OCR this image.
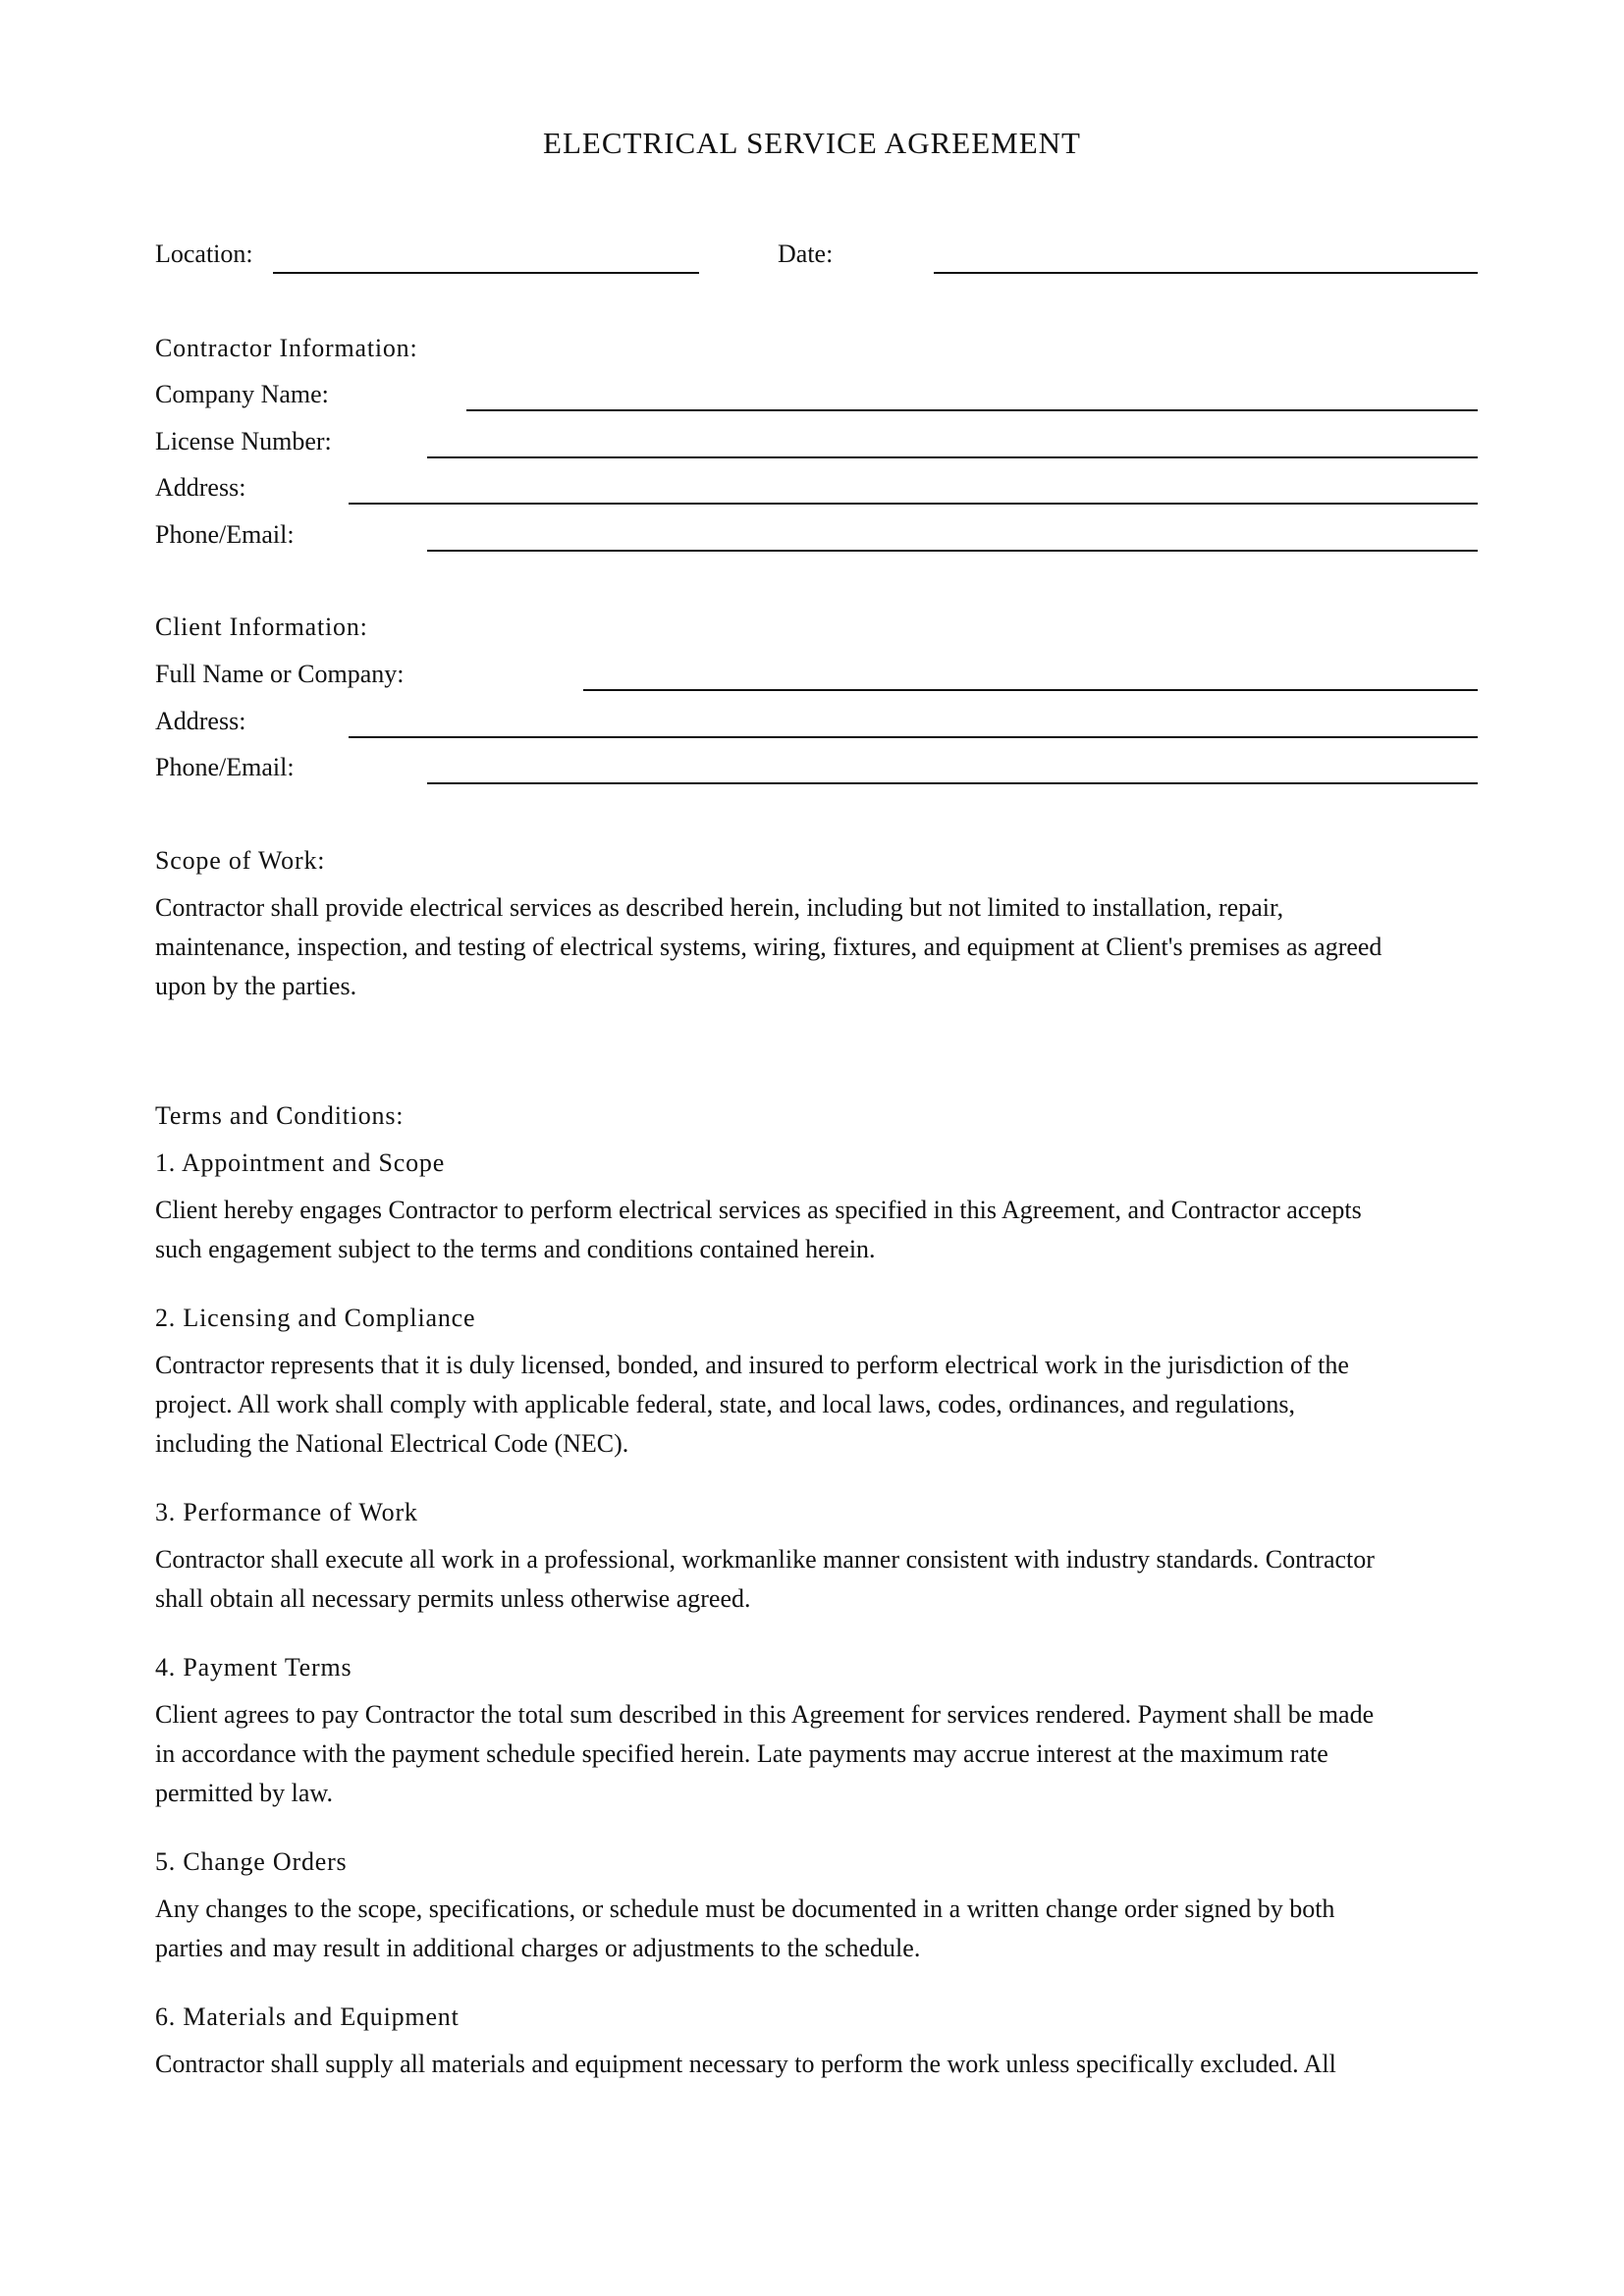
ELECTRICAL SERVICE AGREEMENT
Location:	Date:
Contractor Information:
Company Name:
License Number:
Address:
Phone/Email:
Client Information:
Full Name or Company:
Address:
Phone/Email:
Scope of Work:
Contractor shall provide electrical services as described herein, including but not limited to installation, repair,
maintenance, inspection, and testing of electrical systems, wiring, fixtures, and equipment at Client's premises as agreed
upon by the parties.
Terms and Conditions:
1. Appointment and Scope
Client hereby engages Contractor to perform electrical services as specified in this Agreement, and Contractor accepts
such engagement subject to the terms and conditions contained herein.
2. Licensing and Compliance
Contractor represents that it is duly licensed, bonded, and insured to perform electrical work in the jurisdiction of the
project. All work shall comply with applicable federal, state, and local laws, codes, ordinances, and regulations,
including the National Electrical Code (NEC).
3. Performance of Work
Contractor shall execute all work in a professional, workmanlike manner consistent with industry standards. Contractor
shall obtain all necessary permits unless otherwise agreed.
4. Payment Terms
Client agrees to pay Contractor the total sum described in this Agreement for services rendered. Payment shall be made
in accordance with the payment schedule specified herein. Late payments may accrue interest at the maximum rate
permitted by law.
5. Change Orders
Any changes to the scope, specifications, or schedule must be documented in a written change order signed by both
parties and may result in additional charges or adjustments to the schedule.
6. Materials and Equipment
Contractor shall supply all materials and equipment necessary to perform the work unless specifically excluded. All
